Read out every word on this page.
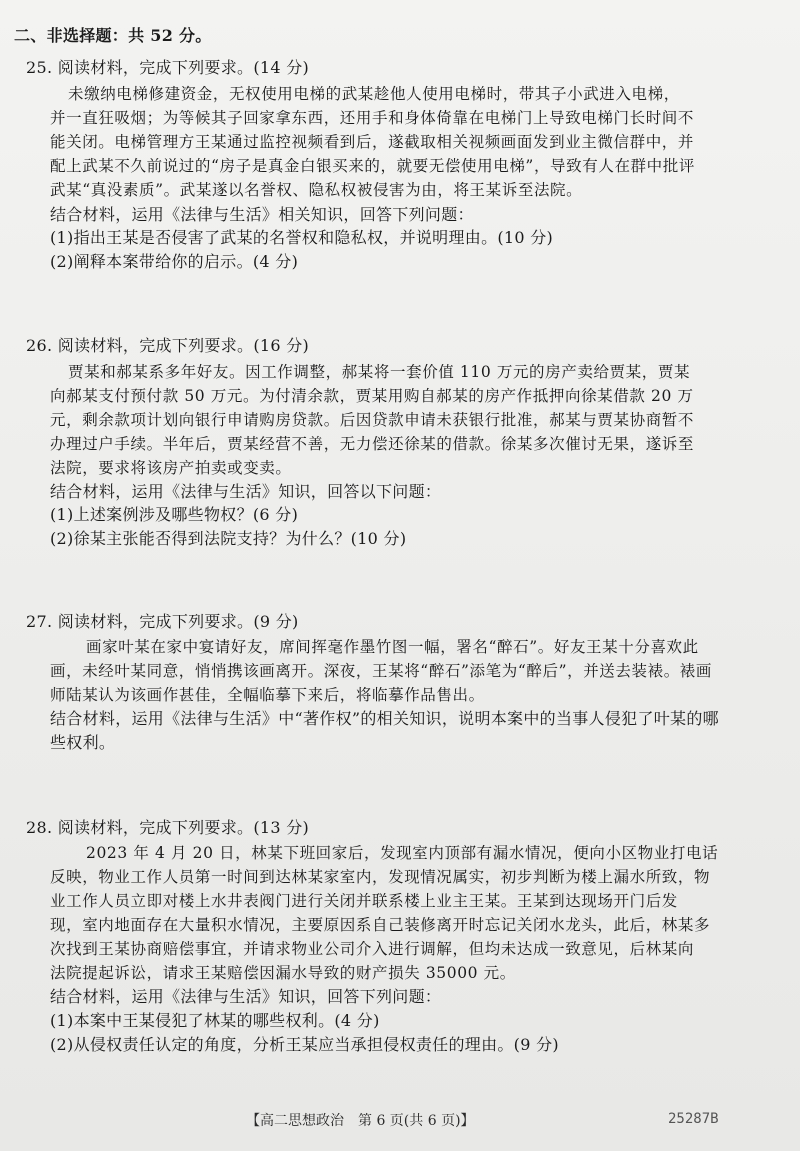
二、非选择题：共 52 分。
25. 阅读材料，完成下列要求。(14 分)
未缴纳电梯修建资金，无权使用电梯的武某趁他人使用电梯时，带其子小武进入电梯，
并一直狂吸烟；为等候其子回家拿东西，还用手和身体倚靠在电梯门上导致电梯门长时间不
能关闭。电梯管理方王某通过监控视频看到后，遂截取相关视频画面发到业主微信群中，并
配上武某不久前说过的“房子是真金白银买来的，就要无偿使用电梯”，导致有人在群中批评
武某“真没素质”。武某遂以名誉权、隐私权被侵害为由，将王某诉至法院。
结合材料，运用《法律与生活》相关知识，回答下列问题：
(1)指出王某是否侵害了武某的名誉权和隐私权，并说明理由。(10 分)
(2)阐释本案带给你的启示。(4 分)
26. 阅读材料，完成下列要求。(16 分)
贾某和郝某系多年好友。因工作调整，郝某将一套价值 110 万元的房产卖给贾某，贾某
向郝某支付预付款 50 万元。为付清余款，贾某用购自郝某的房产作抵押向徐某借款 20 万
元，剩余款项计划向银行申请购房贷款。后因贷款申请未获银行批准，郝某与贾某协商暂不
办理过户手续。半年后，贾某经营不善，无力偿还徐某的借款。徐某多次催讨无果，遂诉至
法院，要求将该房产拍卖或变卖。
结合材料，运用《法律与生活》知识，回答以下问题：
(1)上述案例涉及哪些物权？(6 分)
(2)徐某主张能否得到法院支持？为什么？(10 分)
27. 阅读材料，完成下列要求。(9 分)
画家叶某在家中宴请好友，席间挥毫作墨竹图一幅，署名“醉石”。好友王某十分喜欢此
画，未经叶某同意，悄悄携该画离开。深夜，王某将“醉石”添笔为“醉后”，并送去装裱。裱画
师陆某认为该画作甚佳，全幅临摹下来后，将临摹作品售出。
结合材料，运用《法律与生活》中“著作权”的相关知识，说明本案中的当事人侵犯了叶某的哪
些权利。
28. 阅读材料，完成下列要求。(13 分)
2023 年 4 月 20 日，林某下班回家后，发现室内顶部有漏水情况，便向小区物业打电话
反映，物业工作人员第一时间到达林某家室内，发现情况属实，初步判断为楼上漏水所致，物
业工作人员立即对楼上水井表阀门进行关闭并联系楼上业主王某。王某到达现场开门后发
现，室内地面存在大量积水情况，主要原因系自己装修离开时忘记关闭水龙头，此后，林某多
次找到王某协商赔偿事宜，并请求物业公司介入进行调解，但均未达成一致意见，后林某向
法院提起诉讼，请求王某赔偿因漏水导致的财产损失 35000 元。
结合材料，运用《法律与生活》知识，回答下列问题：
(1)本案中王某侵犯了林某的哪些权利。(4 分)
(2)从侵权责任认定的角度，分析王某应当承担侵权责任的理由。(9 分)
【高二思想政治　第 6 页(共 6 页)】	25287B
